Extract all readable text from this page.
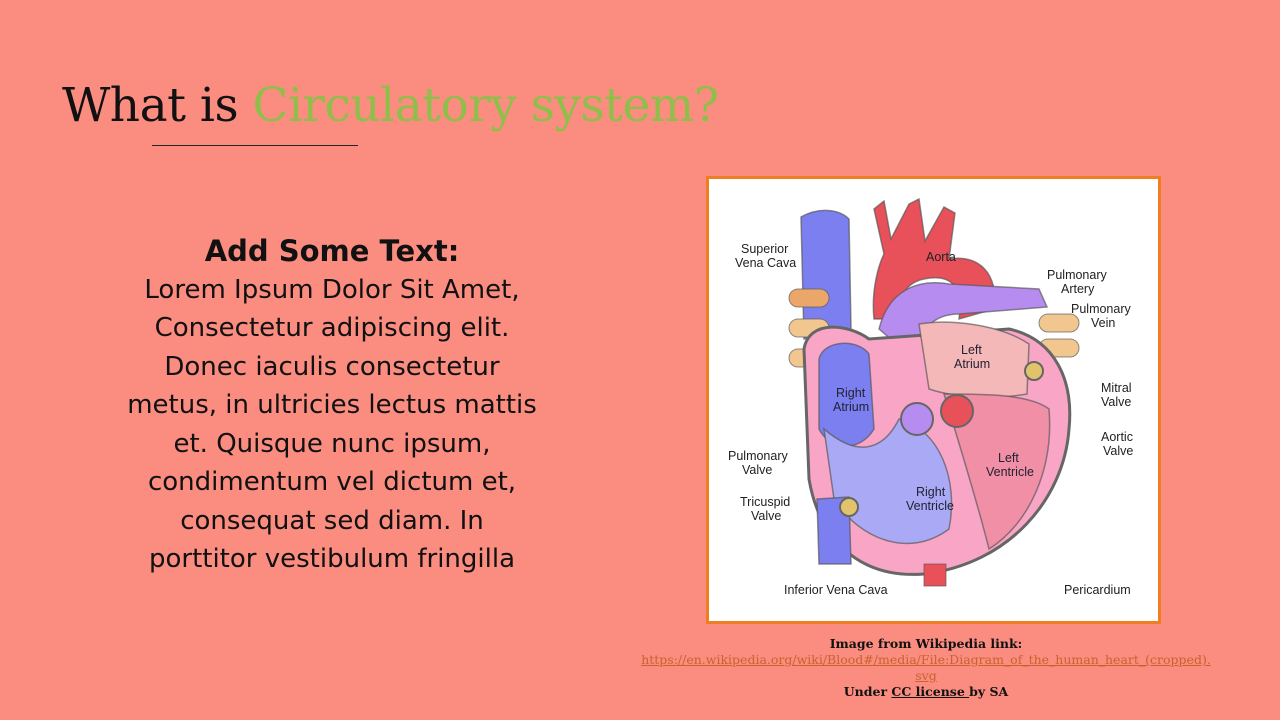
What is Circulatory system?
Add Some Text:
Lorem Ipsum Dolor Sit Amet,
Consectetur adipiscing elit.
Donec iaculis consectetur
metus, in ultricies lectus mattis
et. Quisque nunc ipsum,
condimentum vel dictum et,
consequat sed diam. In
porttitor vestibulum fringilla
Superior
Vena Cava	Aorta
Pulmonary
Artery
Pulmonary
Vein
Left
Atrium
Right
Atrium
Mitral
Valve
Aortic
Valve
Pulmonary
Valve
Left
Ventricle
Right
Ventricle
Tricuspid
Valve
Inferior Vena Cava	Pericardium
Image from Wikipedia link:
https://en.wikipedia.org/wiki/Blood#/media/File:Diagram_of_the_human_heart_(cropped).
svg
Under CC license by SA
